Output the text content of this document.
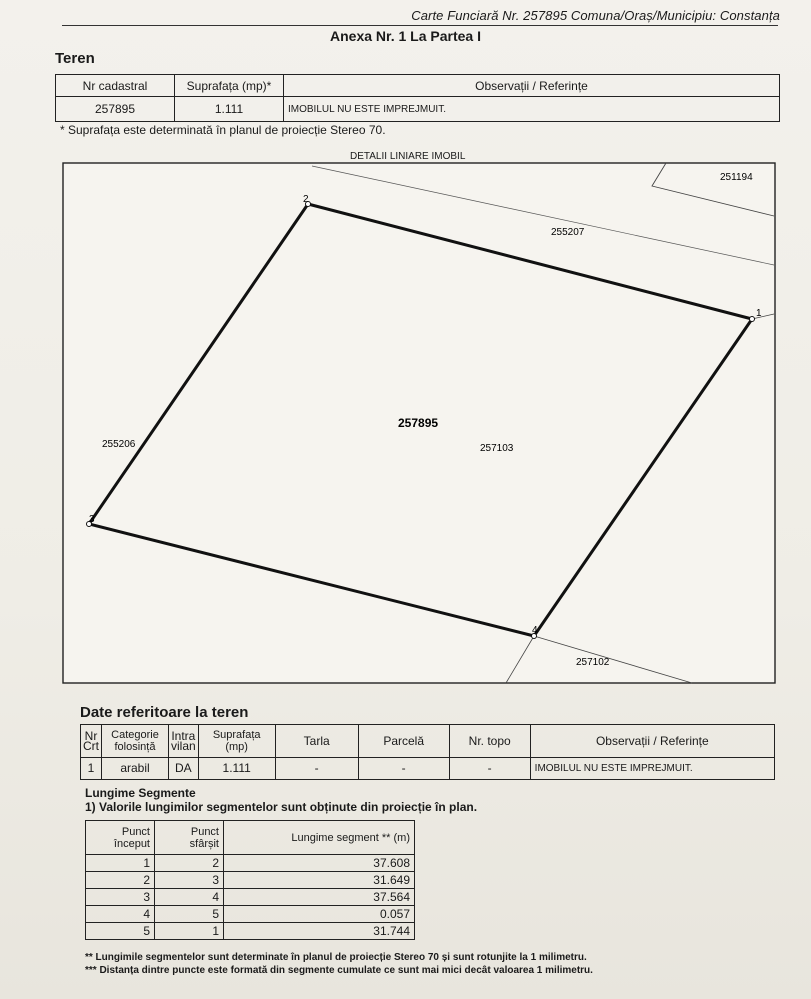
Carte Funciară Nr. 257895 Comuna/Oraș/Municipiu: Constanța
Anexa Nr. 1 La Partea I
Teren
Nr cadastral	Suprafața (mp)*	Observații / Referințe
257895	1.111	IMOBILUL NU ESTE IMPREJMUIT.
* Suprafața este determinată în planul de proiecție Stereo 70.
DETALII LINIARE IMOBIL
1
2
3
4
257895
251194
255207
255206	257103
257102
Date referitoare la teren
Nr Crt	Categorie folosință	Intra vilan	Suprafața (mp)	Tarla	Parcelă	Nr. topo	Observații / Referințe
1	arabil	DA	1.111	-	-	-	IMOBILUL NU ESTE IMPREJMUIT.
Lungime Segmente
1) Valorile lungimilor segmentelor sunt obținute din proiecție în plan.
Punct început	Punct sfârșit	Lungime segment ** (m)
1	2	37.608
2	3	31.649
3	4	37.564
4	5	0.057
5	1	31.744
** Lungimile segmentelor sunt determinate în planul de proiecție Stereo 70 și sunt rotunjite la 1 milimetru.
*** Distanța dintre puncte este formată din segmente cumulate ce sunt mai mici decât valoarea 1 milimetru.
